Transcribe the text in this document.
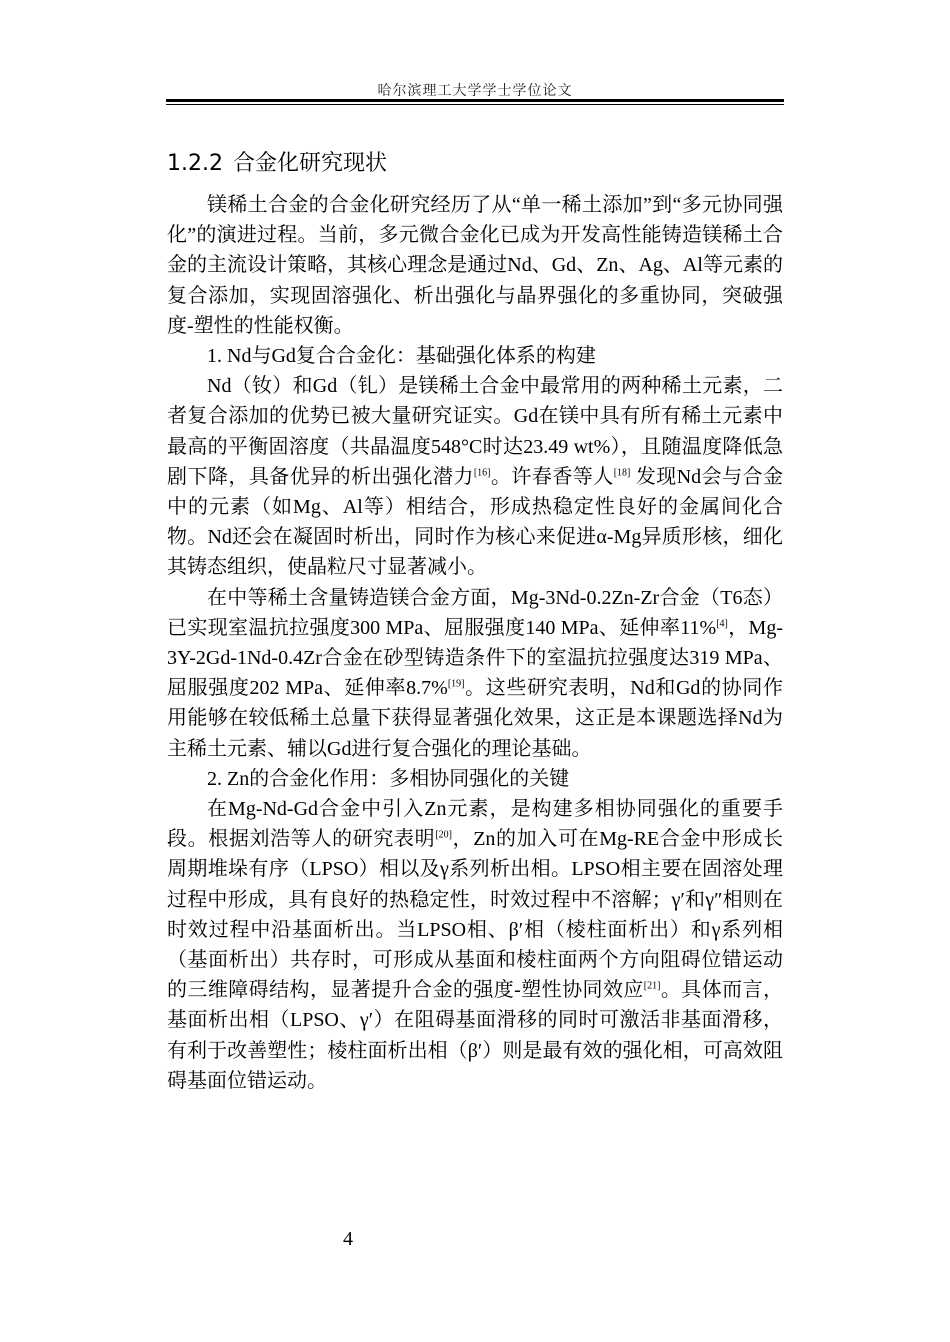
哈尔滨理工大学学士学位论文
1.2.2 合金化研究现状

镁稀土合金的合金化研究经历了从“单一稀土添加”到“多元协同强化”的演进过程。当前，多元微合金化已成为开发高性能铸造镁稀土合金的主流设计策略，其核心理念是通过Nd、Gd、Zn、Ag、Al等元素的复合添加，实现固溶强化、析出强化与晶界强化的多重协同，突破强度-塑性的性能权衡。

1. Nd与Gd复合合金化：基础强化体系的构建

Nd（钕）和Gd（钆）是镁稀土合金中最常用的两种稀土元素，二者复合添加的优势已被大量研究证实。Gd在镁中具有所有稀土元素中最高的平衡固溶度（共晶温度548°C时达23.49 wt%），且随温度降低急剧下降，具备优异的析出强化潜力[16]。许春香等人[18] 发现Nd会与合金中的元素（如Mg、Al等）相结合，形成热稳定性良好的金属间化合物。Nd还会在凝固时析出，同时作为核心来促进α-Mg异质形核，细化其铸态组织，使晶粒尺寸显著减小。

在中等稀土含量铸造镁合金方面，Mg-3Nd-0.2Zn-Zr合金（T6态）已实现室温抗拉强度300 MPa、屈服强度140 MPa、延伸率11%[4]，Mg-3Y-2Gd-1Nd-0.4Zr合金在砂型铸造条件下的室温抗拉强度达319 MPa、屈服强度202 MPa、延伸率8.7%[19]。这些研究表明，Nd和Gd的协同作用能够在较低稀土总量下获得显著强化效果，这正是本课题选择Nd为主稀土元素、辅以Gd进行复合强化的理论基础。

2. Zn的合金化作用：多相协同强化的关键

在Mg-Nd-Gd合金中引入Zn元素，是构建多相协同强化的重要手段。根据刘浩等人的研究表明[20]，Zn的加入可在Mg-RE合金中形成长周期堆垛有序（LPSO）相以及γ系列析出相。LPSO相主要在固溶处理过程中形成，具有良好的热稳定性，时效过程中不溶解；γ′和γ″相则在时效过程中沿基面析出。当LPSO相、β′相（棱柱面析出）和γ系列相（基面析出）共存时，可形成从基面和棱柱面两个方向阻碍位错运动的三维障碍结构，显著提升合金的强度-塑性协同效应[21]。具体而言，基面析出相（LPSO、γ′）在阻碍基面滑移的同时可激活非基面滑移，有利于改善塑性；棱柱面析出相（β′）则是最有效的强化相，可高效阻碍基面位错运动。

4
